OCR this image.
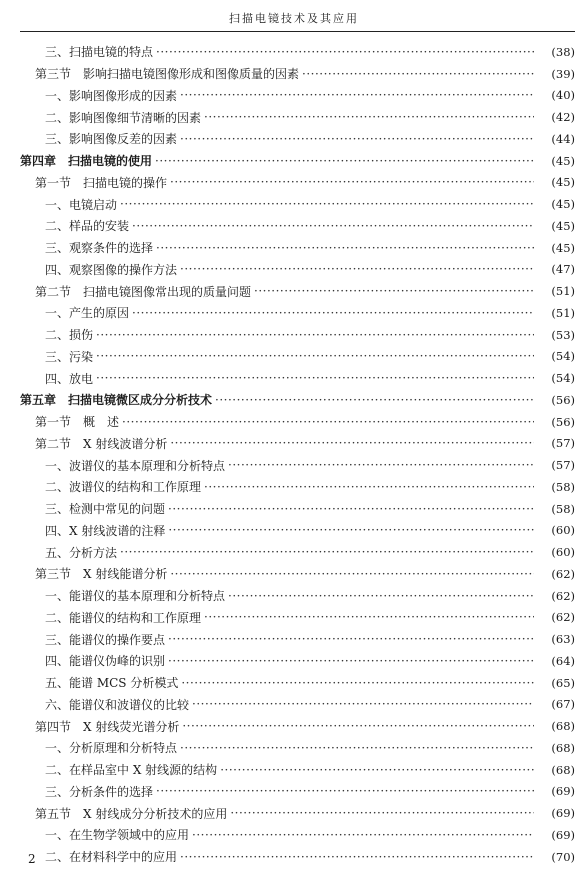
扫描电镜技术及其应用
三、扫描电镜的特点 ·····	(38)
第三节　影响扫描电镜图像形成和图像质量的因素 ·····	(39)
一、影响图像形成的因素 ·····	(40)
二、影响图像细节清晰的因素 ·····	(42)
三、影响图像反差的因素 ·····	(44)
第四章　扫描电镜的使用 ·····	(45)
第一节　扫描电镜的操作 ·····	(45)
一、电镜启动 ·····	(45)
二、样品的安装 ·····	(45)
三、观察条件的选择 ·····	(45)
四、观察图像的操作方法 ·····	(47)
第二节　扫描电镜图像常出现的质量问题 ·····	(51)
一、产生的原因 ·····	(51)
二、损伤 ·····	(53)
三、污染 ·····	(54)
四、放电 ·····	(54)
第五章　扫描电镜微区成分分析技术 ·····	(56)
第一节　概　述 ·····	(56)
第二节　X 射线波谱分析 ·····	(57)
一、波谱仪的基本原理和分析特点 ·····	(57)
二、波谱仪的结构和工作原理 ·····	(58)
三、检测中常见的问题 ·····	(58)
四、X 射线波谱的注释 ·····	(60)
五、分析方法 ·····	(60)
第三节　X 射线能谱分析 ·····	(62)
一、能谱仪的基本原理和分析特点 ·····	(62)
二、能谱仪的结构和工作原理 ·····	(62)
三、能谱仪的操作要点 ·····	(63)
四、能谱仪伪峰的识别 ·····	(64)
五、能谱 MCS 分析模式 ·····	(65)
六、能谱仪和波谱仪的比较 ·····	(67)
第四节　X 射线荧光谱分析 ·····	(68)
一、分析原理和分析特点 ·····	(68)
二、在样品室中 X 射线源的结构 ·····	(68)
三、分析条件的选择 ·····	(69)
第五节　X 射线成分分析技术的应用 ·····	(69)
一、在生物学领域中的应用 ·····	(69)
二、在材料科学中的应用 ·····	(70)
2
